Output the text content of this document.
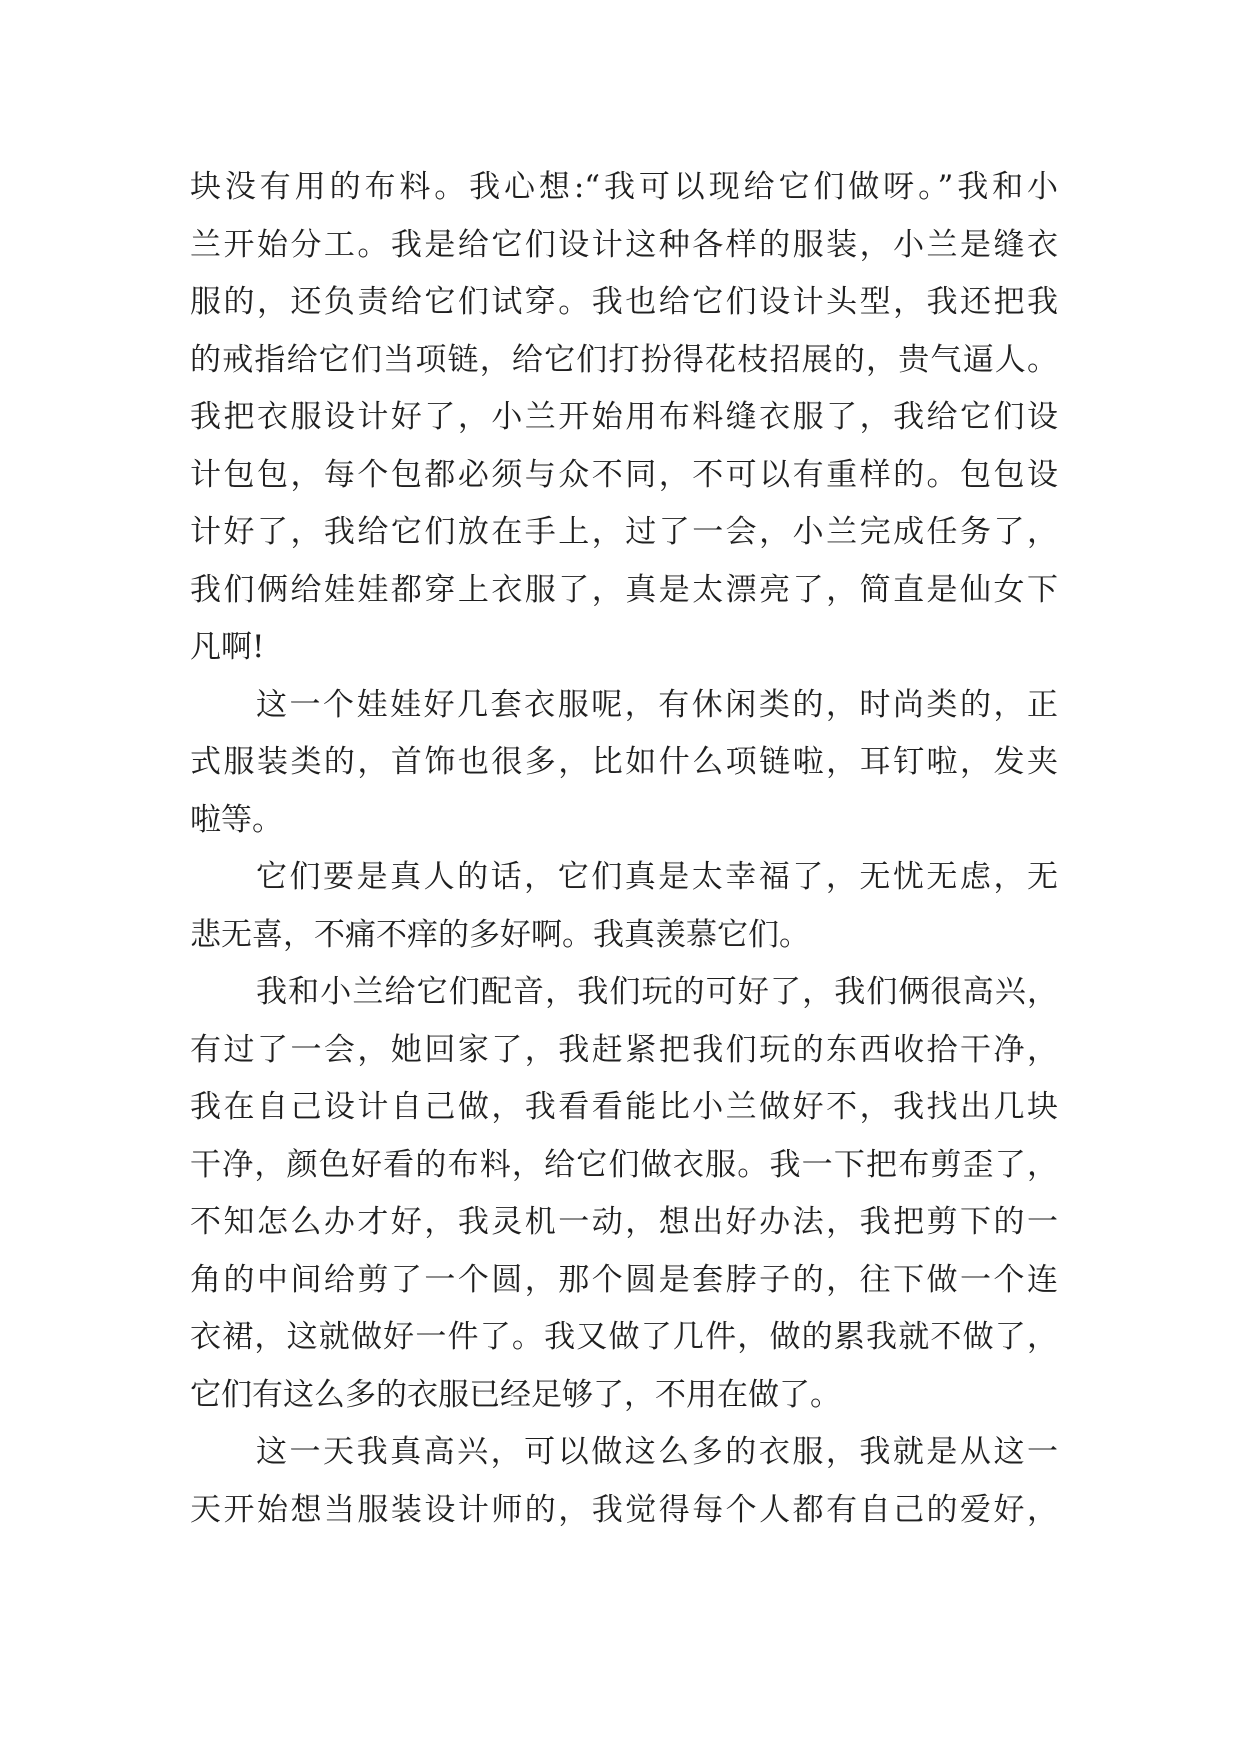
块没有用的布料。我心想:“我可以现给它们做呀。”我和小
兰开始分工。我是给它们设计这种各样的服装，小兰是缝衣
服的，还负责给它们试穿。我也给它们设计头型，我还把我
的戒指给它们当项链，给它们打扮得花枝招展的，贵气逼人。
我把衣服设计好了，小兰开始用布料缝衣服了，我给它们设
计包包，每个包都必须与众不同，不可以有重样的。包包设
计好了，我给它们放在手上，过了一会，小兰完成任务了，
我们俩给娃娃都穿上衣服了，真是太漂亮了，简直是仙女下
凡啊!
这一个娃娃好几套衣服呢，有休闲类的，时尚类的，正
式服装类的，首饰也很多，比如什么项链啦，耳钉啦，发夹
啦等。
它们要是真人的话，它们真是太幸福了，无忧无虑，无
悲无喜，不痛不痒的多好啊。我真羡慕它们。
我和小兰给它们配音，我们玩的可好了，我们俩很高兴，
有过了一会，她回家了，我赶紧把我们玩的东西收拾干净，
我在自己设计自己做，我看看能比小兰做好不，我找出几块
干净，颜色好看的布料，给它们做衣服。我一下把布剪歪了，
不知怎么办才好，我灵机一动，想出好办法，我把剪下的一
角的中间给剪了一个圆，那个圆是套脖子的，往下做一个连
衣裙，这就做好一件了。我又做了几件，做的累我就不做了，
它们有这么多的衣服已经足够了，不用在做了。
这一天我真高兴，可以做这么多的衣服，我就是从这一
天开始想当服装设计师的，我觉得每个人都有自己的爱好，
